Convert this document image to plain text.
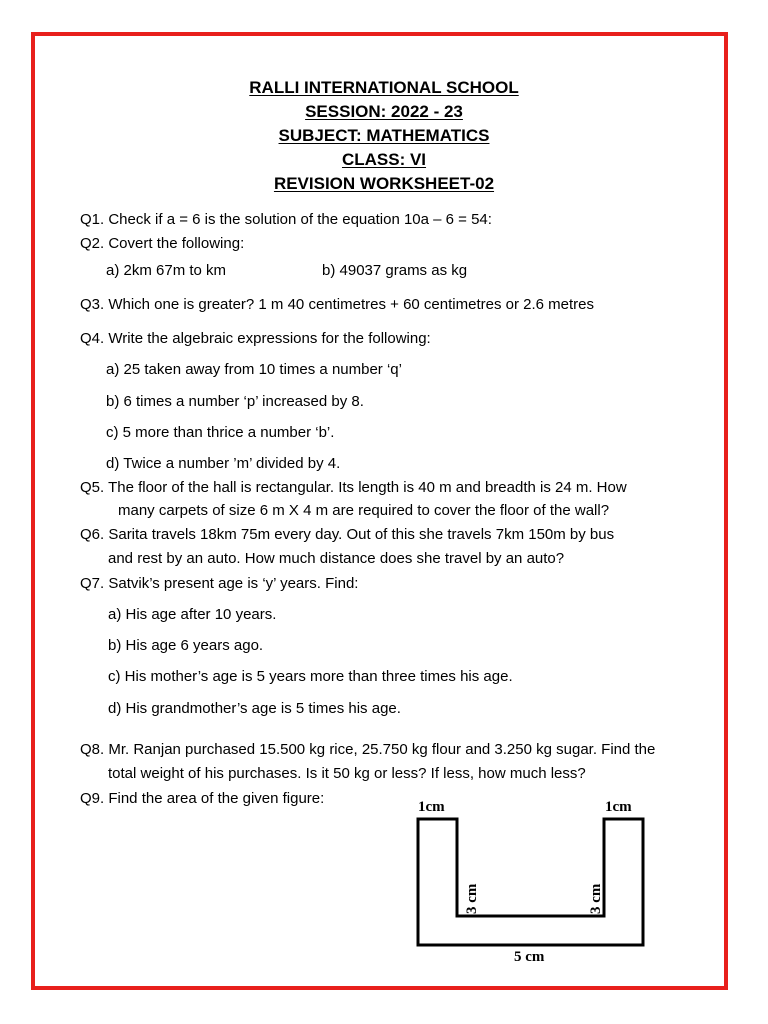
RALLI INTERNATIONAL SCHOOL
SESSION: 2022 - 23
SUBJECT: MATHEMATICS
CLASS: VI
REVISION WORKSHEET-02
Q1. Check if a = 6 is the solution of the equation 10a – 6 = 54:
Q2. Covert the following:
a) 2km 67m to km	b) 49037 grams as kg
Q3. Which one is greater? 1 m 40 centimetres + 60 centimetres or 2.6 metres
Q4. Write the algebraic expressions for the following:
a) 25 taken away from 10 times a number ‘q’
b) 6 times a number ‘p’ increased by 8.
c) 5 more than thrice a number ‘b’.
d) Twice a number ’m’ divided by 4.
Q5. The floor of the hall is rectangular. Its length is 40 m and breadth is 24 m. How
many carpets of size 6 m X 4 m are required to cover the floor of the wall?
Q6. Sarita travels 18km 75m every day. Out of this she travels 7km 150m by bus
and rest by an auto. How much distance does she travel by an auto?
Q7. Satvik’s present age is ‘y’ years. Find:
a) His age after 10 years.
b) His age 6 years ago.
c) His mother’s age is 5 years more than three times his age.
d) His grandmother’s age is 5 times his age.
Q8. Mr. Ranjan purchased 15.500 kg rice, 25.750 kg flour and 3.250 kg sugar. Find the
total weight of his purchases. Is it 50 kg or less? If less, how much less?
Q9. Find the area of the given figure:	1cm	1cm
3 cm	3 cm
5 cm
